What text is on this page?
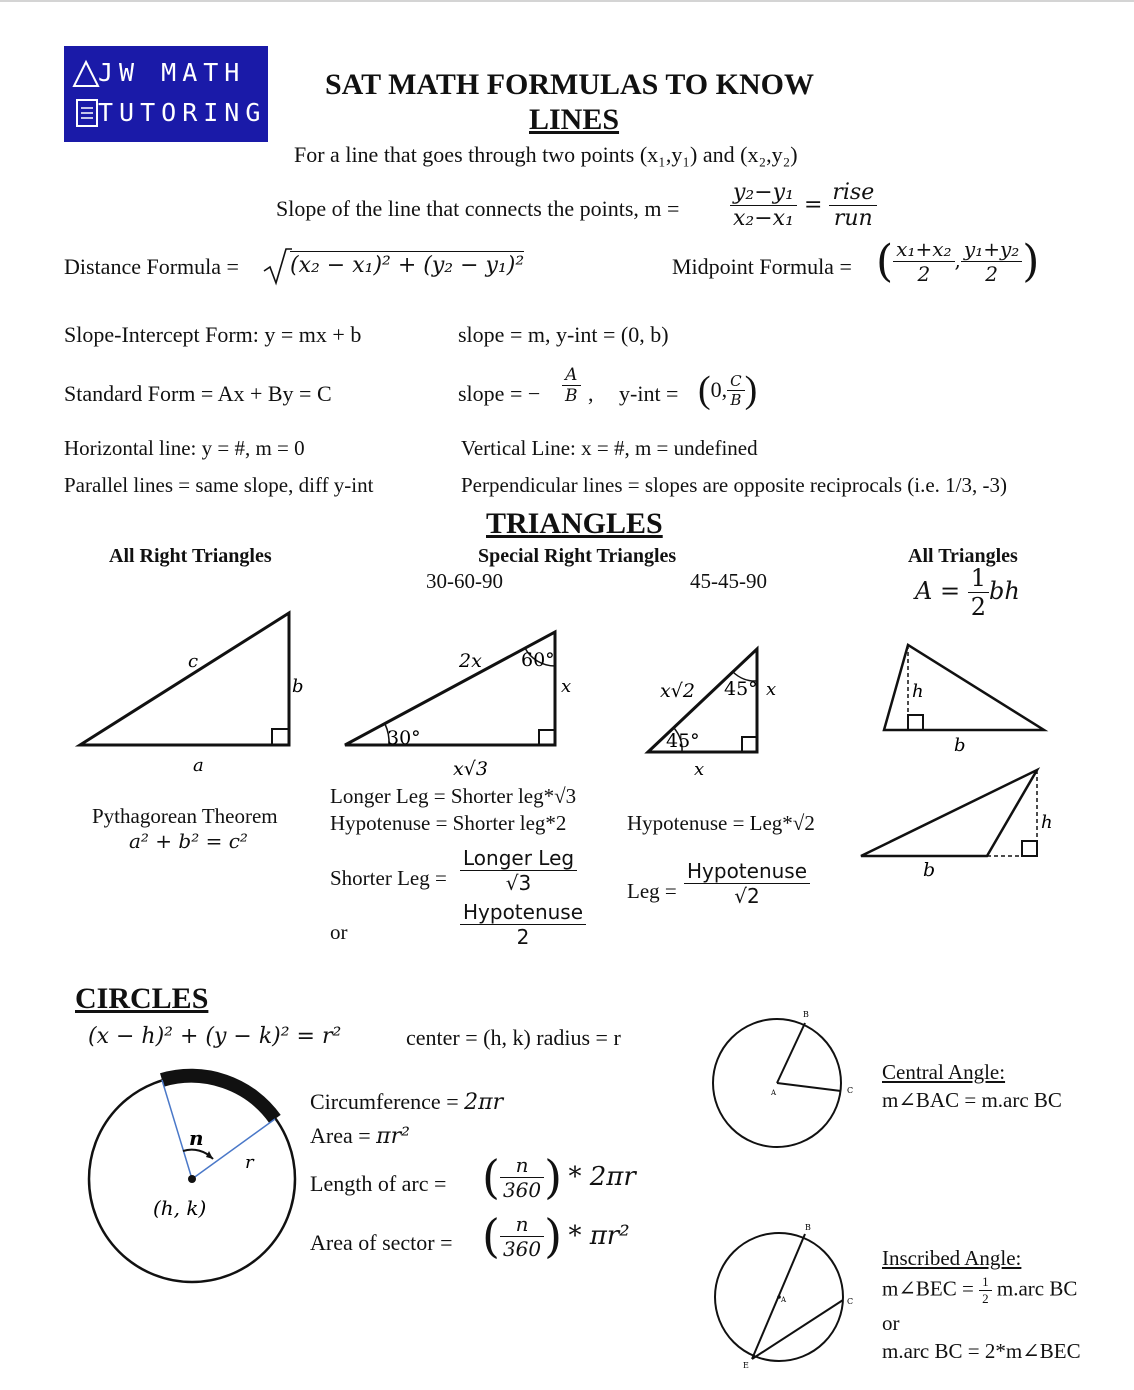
JW MATH
TUTORING
SAT MATH FORMULAS TO KNOW
LINES
For a line that goes through two points (x₁,y₁) and (x₂,y₂)
Slope of the line that connects the points, $m = \frac{\text{y₂−y₁}}{\text{x₂−x₁}} = \frac{\text{rise}}{\text{run}}$
Distance Formula = (x₂ − x₁)² + (y₂ − y₁)²	Midpoint Formula = ( $\frac{\text{x₁+x₂}}{2}$ , $\frac{\text{y₁+y₂}}{2}$ )
Slope-Intercept Form: y = mx + b	slope = m, y-int = (0, b)
Standard Form = Ax + By = C	slope = − $\frac{A}{B}$ , y-int = (0, $\frac{C}{B}$ )
Horizontal line: y = #, m = 0	Vertical Line: x = #, m = undefined
Parallel lines = same slope, diff y-int	Perpendicular lines = slopes are opposite reciprocals (i.e. 1/3, -3)
TRIANGLES
All Right Triangles	Special Right Triangles	All Triangles
30-60-90	45-45-90	$A = \frac{1}{2}$ bh
c
b
a
30°
60°
2x
x
x√3
45°
45°
x√2	x
x
h
b
h
b
Pythagorean Theorem
a² + b² = c²
Longer Leg = Shorter leg*√3
Hypotenuse = Shorter leg*2	Hypotenuse = Leg*√2
Shorter Leg = $\frac{\text{Longer Leg}}{√3}$
or	$\frac{\text{Hypotenuse}}{2}$
Leg = $\frac{\text{Hypotenuse}}{√2}$
CIRCLES
(x − h)² + (y − k)² = r²	center = (h, k) radius = r
n
r
(h, k)
Circumference = 2πr
Area = πr²
Length of arc = ( $\frac{n}{360}$ ) * 2πr
Area of sector = ( $\frac{n}{360}$ ) * πr²
A
B
C
Central Angle:
m∠BAC = m.arc BC
A
B
C
E
Inscribed Angle:
m∠BEC = $\frac{1}{2} m.arc$ BC
or
m.arc BC = 2*m∠BEC
